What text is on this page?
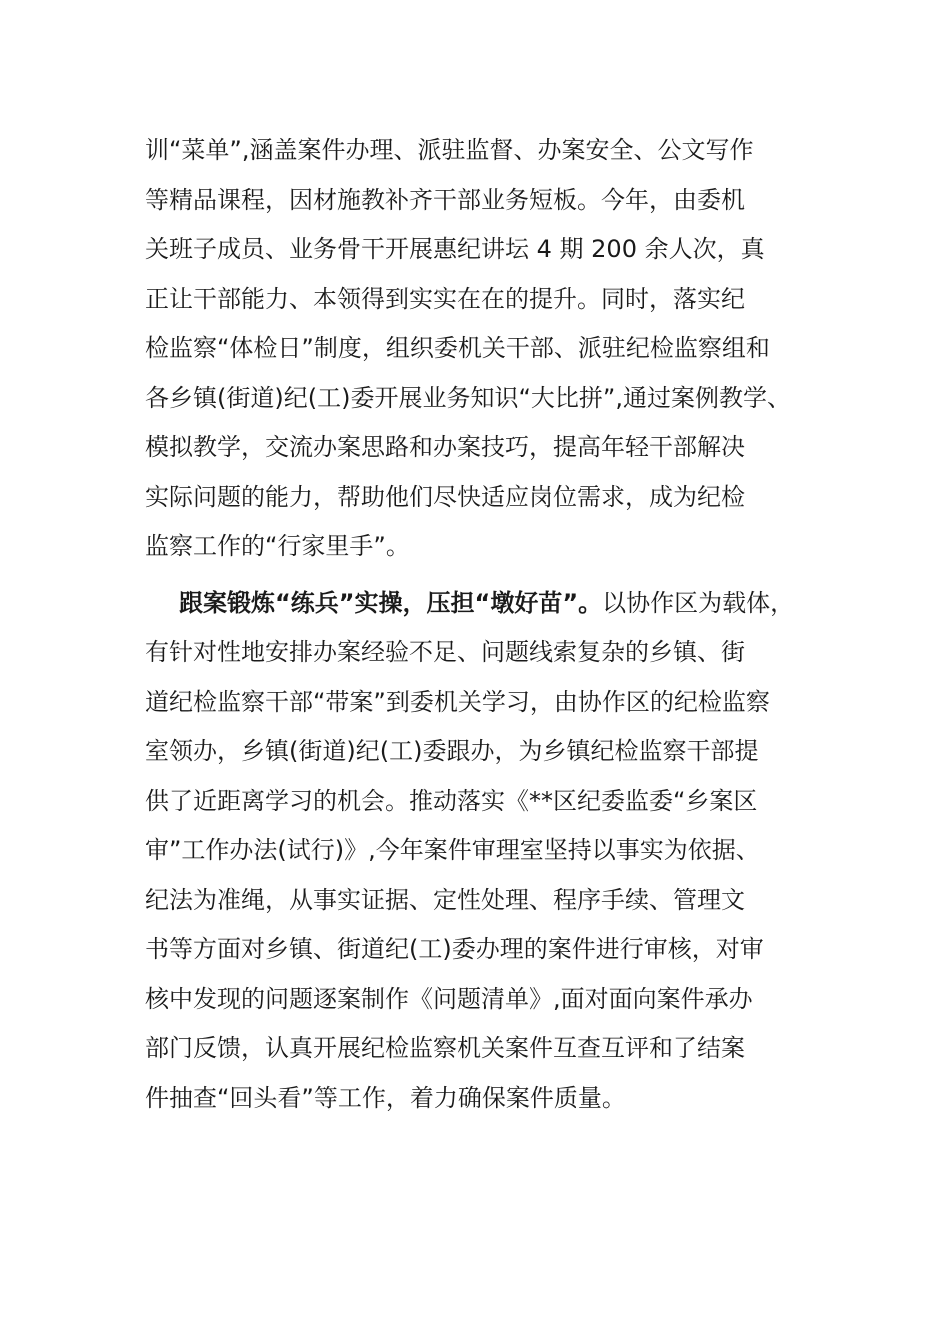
训“菜单”,涵盖案件办理、派驻监督、办案安全、公文写作
等精品课程，因材施教补齐干部业务短板。今年，由委机
关班子成员、业务骨干开展惠纪讲坛 4 期 200 余人次，真
正让干部能力、本领得到实实在在的提升。同时，落实纪
检监察“体检日”制度，组织委机关干部、派驻纪检监察组和
各乡镇(街道)纪(工)委开展业务知识“大比拼”,通过案例教学、
模拟教学，交流办案思路和办案技巧，提高年轻干部解决
实际问题的能力，帮助他们尽快适应岗位需求，成为纪检
监察工作的“行家里手”。
跟案锻炼“练兵”实操，压担“墩好苗”。以协作区为载体，
有针对性地安排办案经验不足、问题线索复杂的乡镇、街
道纪检监察干部“带案”到委机关学习，由协作区的纪检监察
室领办，乡镇(街道)纪(工)委跟办，为乡镇纪检监察干部提
供了近距离学习的机会。推动落实《**区纪委监委“乡案区
审”工作办法(试行)》,今年案件审理室坚持以事实为依据、
纪法为准绳，从事实证据、定性处理、程序手续、管理文
书等方面对乡镇、街道纪(工)委办理的案件进行审核，对审
核中发现的问题逐案制作《问题清单》,面对面向案件承办
部门反馈，认真开展纪检监察机关案件互查互评和了结案
件抽查“回头看”等工作，着力确保案件质量。
